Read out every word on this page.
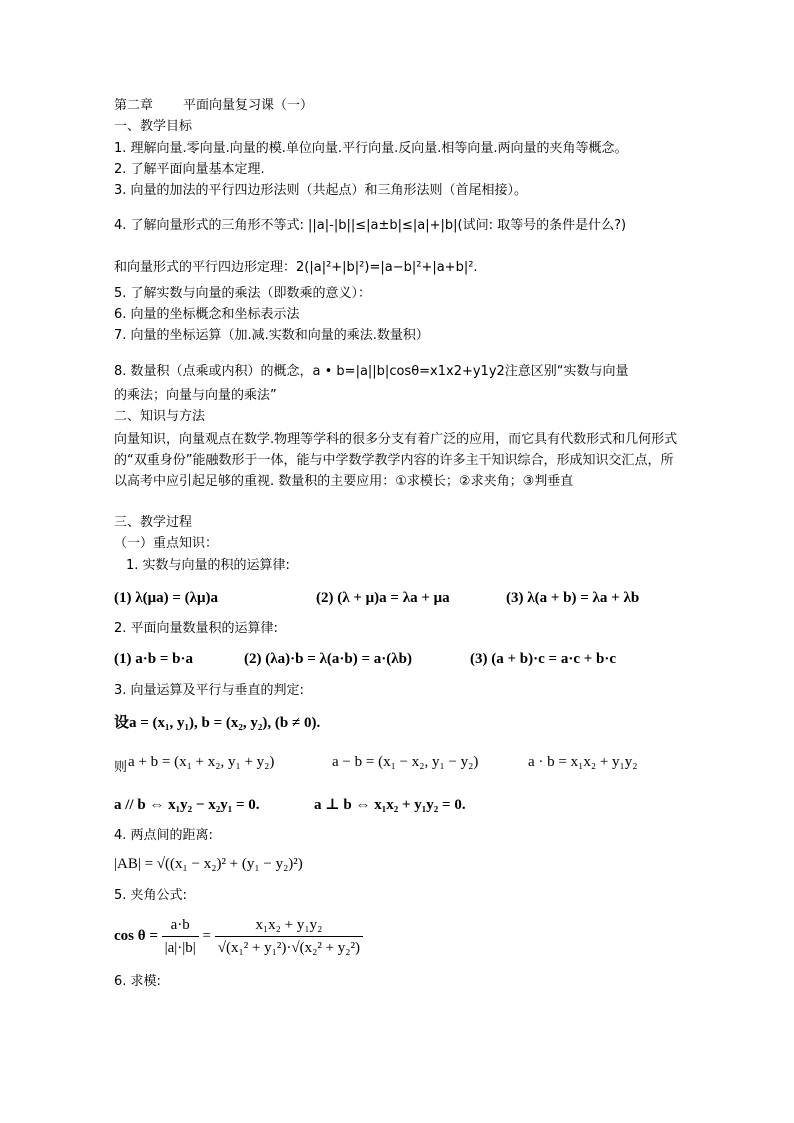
第二章 平面向量复习课（一）
一、教学目标
1. 理解向量.零向量.向量的模.单位向量.平行向量.反向量.相等向量.两向量的夹角等概念。
2. 了解平面向量基本定理.
3. 向量的加法的平行四边形法则（共起点）和三角形法则（首尾相接）。
4. 了解向量形式的三角形不等式: ||a|-|b||≤|a±b|≤|a|+|b|(试问: 取等号的条件是什么?)
和向量形式的平行四边形定理：2(|a|²+|b|²)=|a−b|²+|a+b|².
5. 了解实数与向量的乘法（即数乘的意义）：
6. 向量的坐标概念和坐标表示法
7. 向量的坐标运算（加.减.实数和向量的乘法.数量积）
8. 数量积（点乘或内积）的概念，a • b=|a||b|cosθ=x1x2+y1y2注意区别“实数与向量
的乘法；向量与向量的乘法”
二、知识与方法
向量知识，向量观点在数学.物理等学科的很多分支有着广泛的应用，而它具有代数形式和几何形式的“双重身份”能融数形于一体，能与中学数学教学内容的许多主干知识综合，形成知识交汇点，所以高考中应引起足够的重视. 数量积的主要应用：①求模长；②求夹角；③判垂直
三、教学过程
（一）重点知识：
1. 实数与向量的积的运算律:
(1) λ(μa) = (λμ)a	(2) (λ + μ)a = λa + μa	(3) λ(a + b) = λa + λb
2. 平面向量数量积的运算律:
(1) a·b = b·a	(2) (λa)·b = λ(a·b) = a·(λb)	(3) (a + b)·c = a·c + b·c
3. 向量运算及平行与垂直的判定:
设a = (x₁, y₁), b = (x₂, y₂), (b ≠ 0).
则 a + b = (x₁ + x₂, y₁ + y₂)	a − b = (x₁ − x₂, y₁ − y₂)	a · b = x₁x₂ + y₁y₂
a // b ⇔ x₁y₂ − x₂y₁ = 0.	a ⊥ b ⇔ x₁x₂ + y₁y₂ = 0.
4. 两点间的距离:
|AB| = √((x₁ − x₂)² + (y₁ − y₂)²)
5. 夹角公式:
$\cos \theta = \frac{a\cdot b}{|a|\cdot|b|} = \frac{\text{x₁x₂ + y₁y₂}}{\text{√(x₁² + y₁²)·√(x₂² + y₂²)}}$
6. 求模:
